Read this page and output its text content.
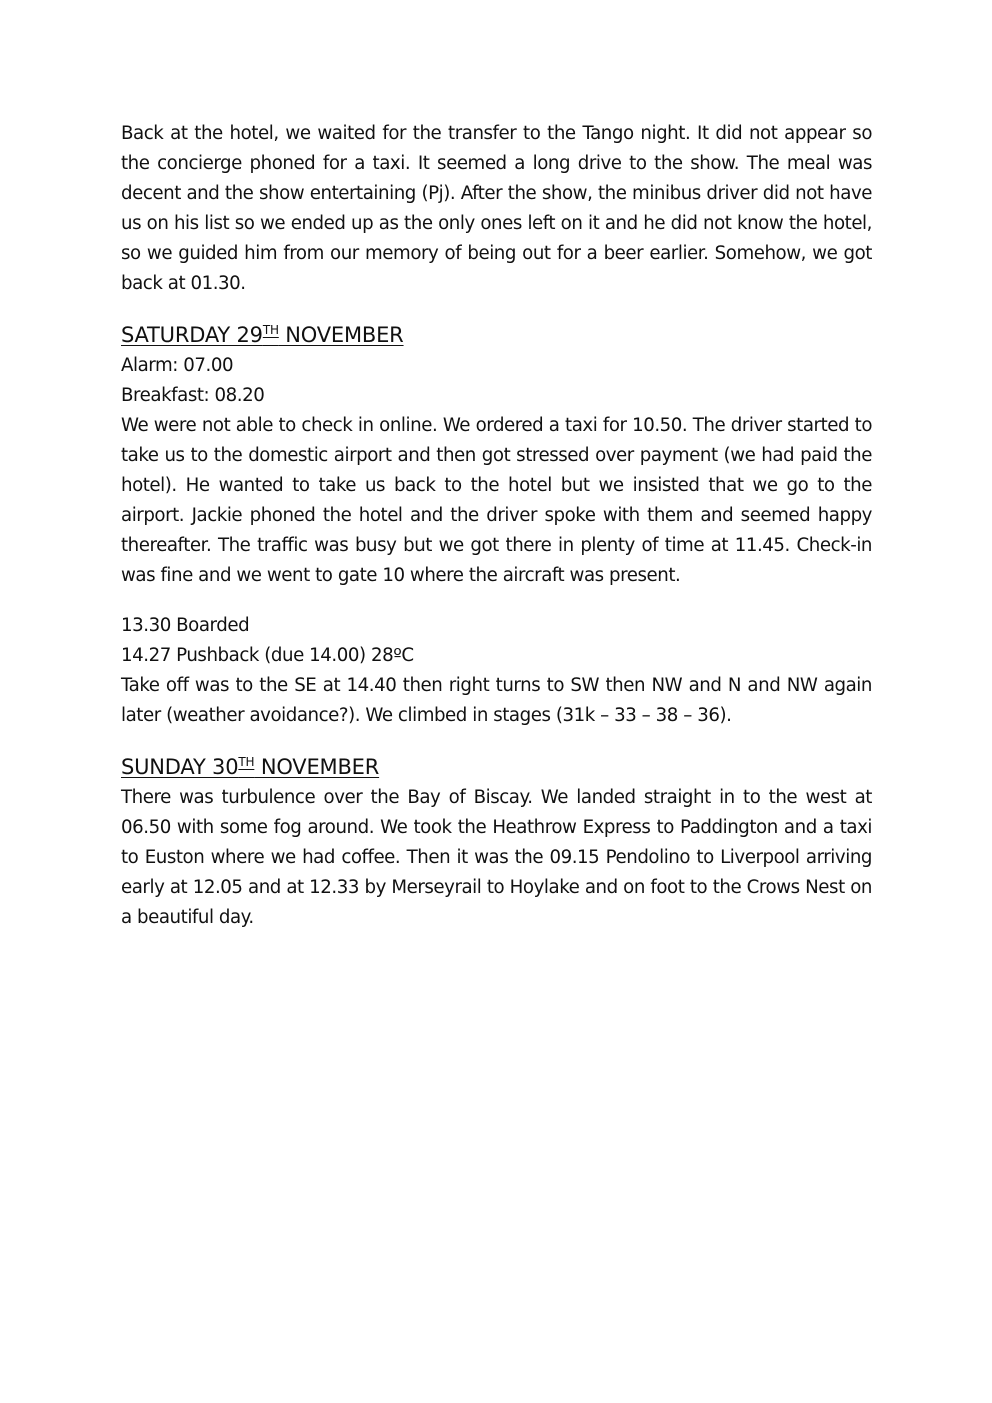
Back at the hotel, we waited for the transfer to the Tango night. It did not appear so the concierge phoned for a taxi. It seemed a long drive to the show. The meal was decent and the show entertaining (Pj). After the show, the minibus driver did not have us on his list so we ended up as the only ones left on it and he did not know the hotel, so we guided him from our memory of being out for a beer earlier. Somehow, we got back at 01.30.

SATURDAY 29TH NOVEMBER
Alarm: 07.00
Breakfast: 08.20

We were not able to check in online. We ordered a taxi for 10.50. The driver started to take us to the domestic airport and then got stressed over payment (we had paid the hotel). He wanted to take us back to the hotel but we insisted that we go to the airport. Jackie phoned the hotel and the driver spoke with them and seemed happy thereafter. The traffic was busy but we got there in plenty of time at 11.45. Check-in was fine and we went to gate 10 where the aircraft was present.

13.30 Boarded
14.27 Pushback (due 14.00) 28ºC

Take off was to the SE at 14.40 then right turns to SW then NW and N and NW again later (weather avoidance?). We climbed in stages (31k – 33 – 38 – 36).

SUNDAY 30TH NOVEMBER

There was turbulence over the Bay of Biscay. We landed straight in to the west at 06.50 with some fog around. We took the Heathrow Express to Paddington and a taxi to Euston where we had coffee. Then it was the 09.15 Pendolino to Liverpool arriving early at 12.05 and at 12.33 by Merseyrail to Hoylake and on foot to the Crows Nest on a beautiful day.
